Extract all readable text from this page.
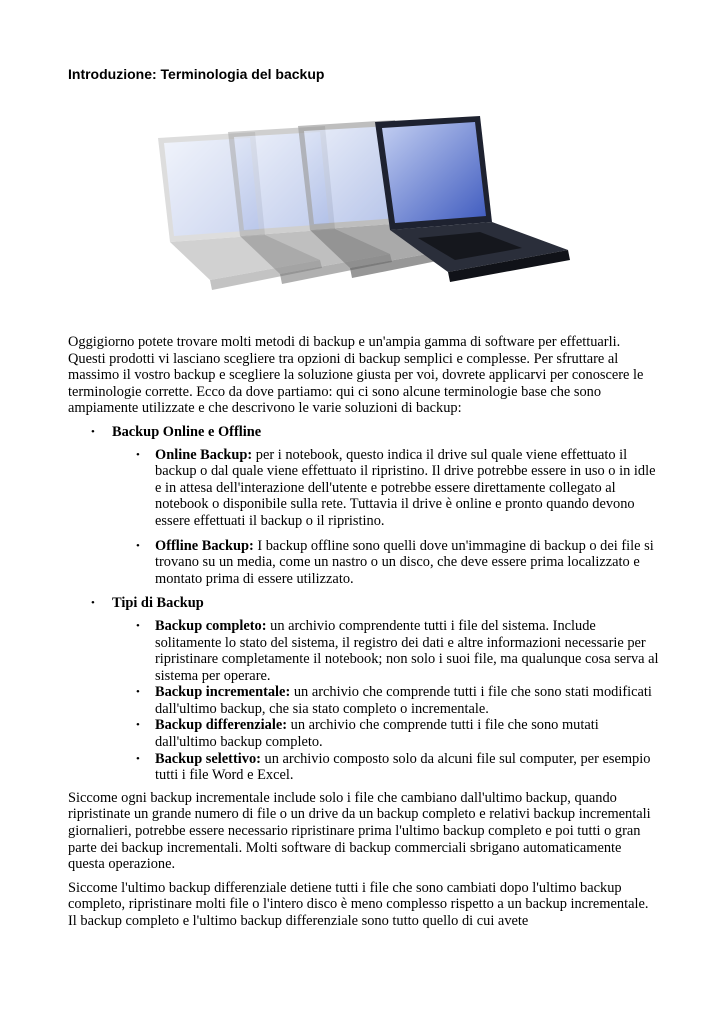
Introduzione: Terminologia del backup

Oggigiorno potete trovare molti metodi di backup e un'ampia gamma di software per effettuarli. Questi prodotti vi lasciano scegliere tra opzioni di backup semplici e complesse. Per sfruttare al massimo il vostro backup e scegliere la soluzione giusta per voi, dovrete applicarvi per conoscere le terminologie corrette. Ecco da dove partiamo: qui ci sono alcune terminologie base che sono ampiamente utilizzate e che descrivono le varie soluzioni di backup:

• Backup Online e Offline
• Online Backup: per i notebook, questo indica il drive sul quale viene effettuato il backup o dal quale viene effettuato il ripristino. Il drive potrebbe essere in uso o in idle e in attesa dell'interazione dell'utente e potrebbe essere direttamente collegato al notebook o disponibile sulla rete. Tuttavia il drive è online e pronto quando devono essere effettuati il backup o il ripristino.
• Offline Backup: I backup offline sono quelli dove un'immagine di backup o dei file si trovano su un media, come un nastro o un disco, che deve essere prima localizzato e montato prima di essere utilizzato.
• Tipi di Backup
• Backup completo: un archivio comprendente tutti i file del sistema. Include solitamente lo stato del sistema, il registro dei dati e altre informazioni necessarie per ripristinare completamente il notebook; non solo i suoi file, ma qualunque cosa serva al sistema per operare.
• Backup incrementale: un archivio che comprende tutti i file che sono stati modificati dall'ultimo backup, che sia stato completo o incrementale.
• Backup differenziale: un archivio che comprende tutti i file che sono mutati dall'ultimo backup completo.
• Backup selettivo: un archivio composto solo da alcuni file sul computer, per esempio tutti i file Word e Excel.

Siccome ogni backup incrementale include solo i file che cambiano dall'ultimo backup, quando ripristinate un grande numero di file o un drive da un backup completo e relativi backup incrementali giornalieri, potrebbe essere necessario ripristinare prima l'ultimo backup completo e poi tutti o gran parte dei backup incrementali. Molti software di backup commerciali sbrigano automaticamente questa operazione.

Siccome l'ultimo backup differenziale detiene tutti i file che sono cambiati dopo l'ultimo backup completo, ripristinare molti file o l'intero disco è meno complesso rispetto a un backup incrementale. Il backup completo e l'ultimo backup differenziale sono tutto quello di cui avete
